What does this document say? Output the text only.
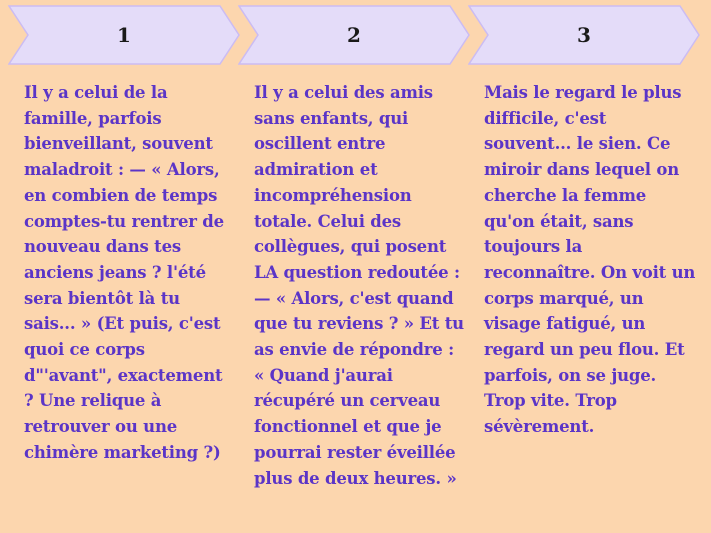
1

Il y a celui de la famille, parfois bienveillant, souvent maladroit : — « Alors, en combien de temps comptes-tu rentrer de nouveau dans tes anciens jeans ? l'été sera bientôt là tu sais... » (Et puis, c'est quoi ce corps d"'avant", exactement ? Une relique à retrouver ou une chimère marketing ?)

2

Il y a celui des amis sans enfants, qui oscillent entre admiration et incompréhension totale. Celui des collègues, qui posent LA question redoutée : — « Alors, c'est quand que tu reviens ? » Et tu as envie de répondre : « Quand j'aurai récupéré un cerveau fonctionnel et que je pourrai rester éveillée plus de deux heures. »

3

Mais le regard le plus difficile, c'est souvent... le sien. Ce miroir dans lequel on cherche la femme qu'on était, sans toujours la reconnaître. On voit un corps marqué, un visage fatigué, un regard un peu flou. Et parfois, on se juge. Trop vite. Trop sévèrement.
